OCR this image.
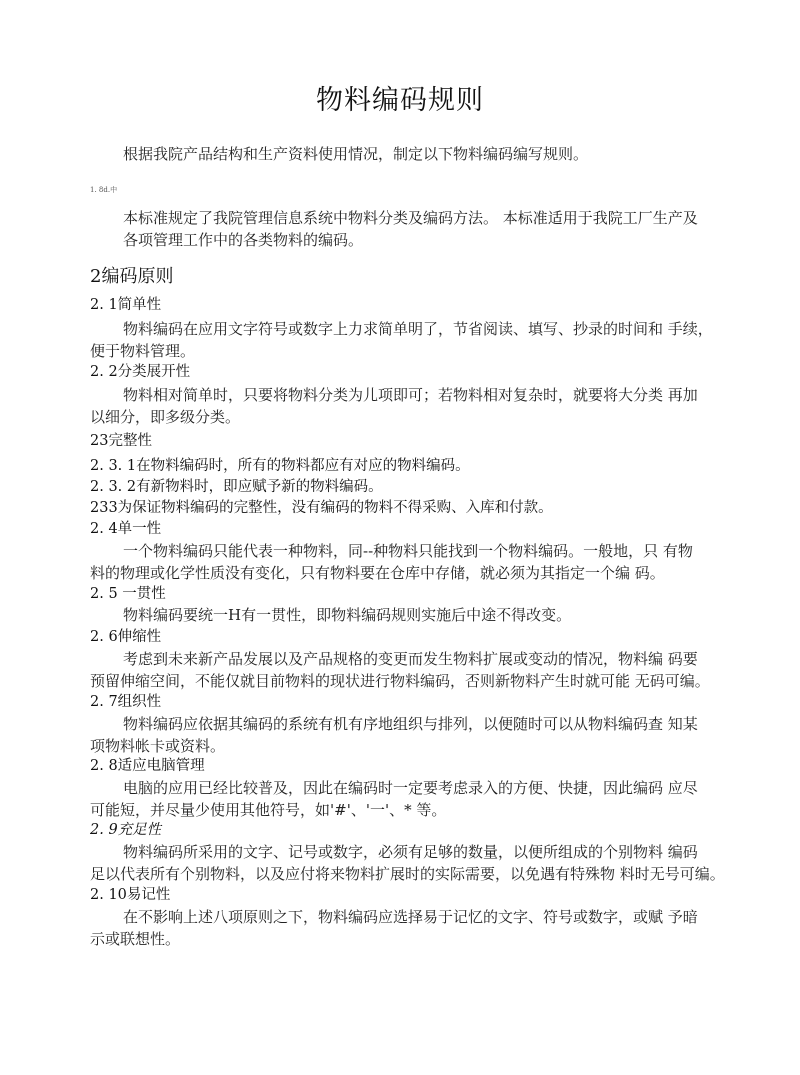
物料编码规则
根据我院产品结构和生产资料使用情况，制定以下物料编码编写规则。
1. 8d.中
本标准规定了我院管理信息系统中物料分类及编码方法。 本标准适用于我院工厂生产及
各项管理工作中的各类物料的编码。
2编码原则
2. 1简单性
物料编码在应用文字符号或数字上力求简单明了，节省阅读、填写、抄录的时间和 手续，
便于物料管理。
2. 2分类展开性
物料相对简单时，只要将物料分类为儿项即可；若物料相对复杂时，就要将大分类 再加
以细分，即多级分类。
23完整性
2. 3. 1在物料编码时，所有的物料都应有对应的物料编码。
2. 3. 2有新物料时，即应赋予新的物料编码。
233为保证物料编码的完整性，没有编码的物料不得采购、入库和付款。
2. 4单一性
一个物料编码只能代表一种物料，同--种物料只能找到一个物料编码。一般地，只 有物
料的物理或化学性质没有变化，只有物料要在仓库中存储，就必须为其指定一个编 码。
2. 5 一贯性
物料编码要统一H有一贯性，即物料编码规则实施后中途不得改变。
2. 6伸缩性
考虑到未来新产品发展以及产品规格的变更而发生物料扩展或变动的情况，物料编 码要
预留伸缩空间，不能仅就目前物料的现状进行物料编码，否则新物料产生时就可能 无码可编。
2. 7组织性
物料编码应依据其编码的系统有机有序地组织与排列，以便随时可以从物料编码查 知某
项物料帐卡或资料。
2. 8适应电脑管理
电脑的应用已经比较普及，因此在编码时一定要考虑录入的方便、快捷，因此编码 应尽
可能短，并尽量少使用其他符号，如'#'、'一'、* 等。
2. 9充足性
物料编码所采用的文字、记号或数字，必须有足够的数量，以便所组成的个别物料 编码
足以代表所有个别物料，以及应付将来物料扩展时的实际需要，以免遇有特殊物 料时无号可编。
2. 10易记性
在不影响上述八项原则之下，物料编码应选择易于记忆的文字、符号或数字，或赋 予暗
示或联想性。
